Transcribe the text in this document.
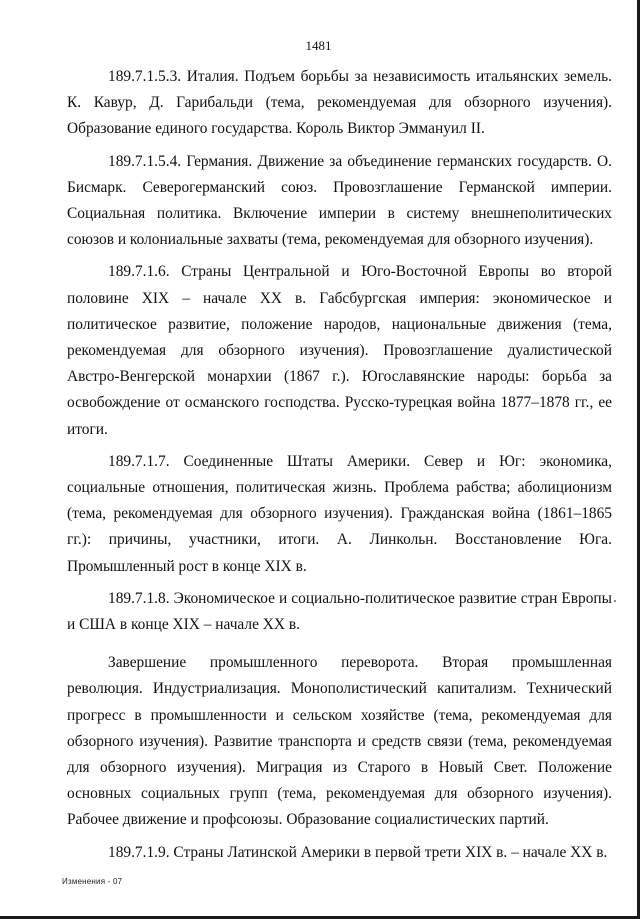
1481

189.7.1.5.3. Италия. Подъем борьбы за независимость итальянских земель. К. Кавур, Д. Гарибальди (тема, рекомендуемая для обзорного изучения). Образование единого государства. Король Виктор Эммануил II.

189.7.1.5.4. Германия. Движение за объединение германских государств. О. Бисмарк. Северогерманский союз. Провозглашение Германской империи. Социальная политика. Включение империи в систему внешнеполитических союзов и колониальные захваты (тема, рекомендуемая для обзорного изучения).

189.7.1.6. Страны Центральной и Юго-Восточной Европы во второй половине XIX – начале XX в. Габсбургская империя: экономическое и политическое развитие, положение народов, национальные движения (тема, рекомендуемая для обзорного изучения). Провозглашение дуалистической Австро-Венгерской монархии (1867 г.). Югославянские народы: борьба за освобождение от османского господства. Русско-турецкая война 1877–1878 гг., ее итоги.

189.7.1.7. Соединенные Штаты Америки. Север и Юг: экономика, социальные отношения, политическая жизнь. Проблема рабства; аболиционизм (тема, рекомендуемая для обзорного изучения). Гражданская война (1861–1865 гг.): причины, участники, итоги. А. Линкольн. Восстановление Юга. Промышленный рост в конце XIX в.

189.7.1.8. Экономическое и социально-политическое развитие стран Европы и США в конце XIX – начале XX в.

Завершение промышленного переворота. Вторая промышленная революция. Индустриализация. Монополистический капитализм. Технический прогресс в промышленности и сельском хозяйстве (тема, рекомендуемая для обзорного изучения). Развитие транспорта и средств связи (тема, рекомендуемая для обзорного изучения). Миграция из Старого в Новый Свет. Положение основных социальных групп (тема, рекомендуемая для обзорного изучения). Рабочее движение и профсоюзы. Образование социалистических партий.

189.7.1.9. Страны Латинской Америки в первой трети XIX в. – начале XX в.

Изменения - 07
